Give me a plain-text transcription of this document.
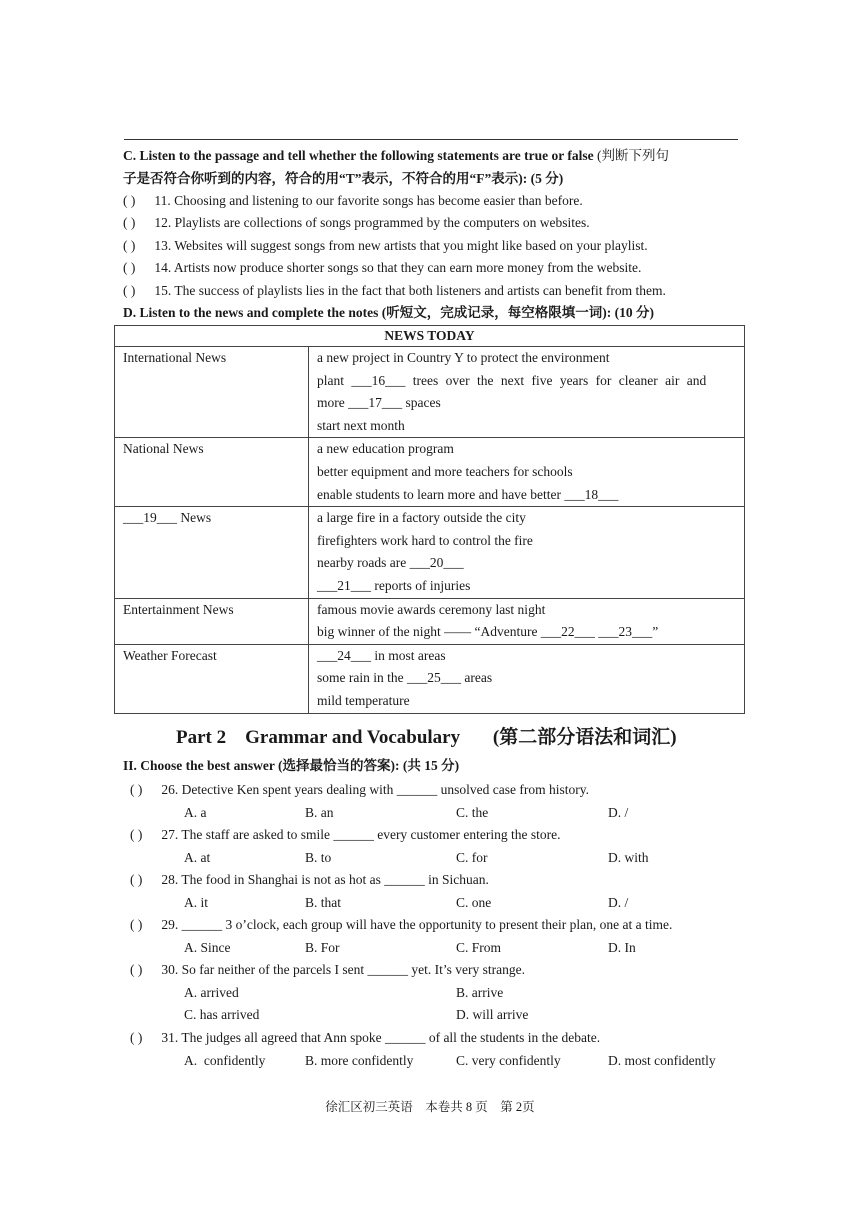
C. Listen to the passage and tell whether the following statements are true or false (判断下列句
子是否符合你听到的内容，符合的用“T”表示，不符合的用“F”表示): (5 分)
( ) 11. Choosing and listening to our favorite songs has become easier than before.
( ) 12. Playlists are collections of songs programmed by the computers on websites.
( ) 13. Websites will suggest songs from new artists that you might like based on your playlist.
( ) 14. Artists now produce shorter songs so that they can earn more money from the website.
( ) 15. The success of playlists lies in the fact that both listeners and artists can benefit from them.
D. Listen to the news and complete the notes (听短文，完成记录，每空格限填一词): (10 分)
NEWS TODAY	
International News	a new project in Country Y to protect the environment
plant ___16___ trees over the next five years for cleaner air and
more ___17___ spaces
start next month

National News	a new education program
better equipment and more teachers for schools
enable students to learn more and have better ___18___

___19___ News	a large fire in a factory outside the city
firefighters work hard to control the fire
nearby roads are ___20___
___21___ reports of injuries

Entertainment News	famous movie awards ceremony last night
big winner of the night —— “Adventure ___22___ ___23___”

Weather Forecast	___24___ in most areas
some rain in the ___25___ areas
mild temperature
Part 2    Grammar and Vocabulary (第二部分语法和词汇)
II. Choose the best answer (选择最恰当的答案): (共 15 分)
( ) 26. Detective Ken spent years dealing with ______ unsolved case from history.
A. a	B. an	C. the	D. /
( ) 27. The staff are asked to smile ______ every customer entering the store.
A. at	B. to	C. for	D. with
( ) 28. The food in Shanghai is not as hot as ______ in Sichuan.
A. it	B. that	C. one	D. /
( ) 29. ______ 3 o’clock, each group will have the opportunity to present their plan, one at a time.
A. Since	B. For	C. From	D. In
( ) 30. So far neither of the parcels I sent ______ yet. It’s very strange.
A. arrived	B. arrive
C. has arrived	D. will arrive
( ) 31. The judges all agreed that Ann spoke ______ of all the students in the debate.
A.  confidently	B. more confidently	C. very confidently	D. most confidently
徐汇区初三英语    本卷共 8 页    第 2页
